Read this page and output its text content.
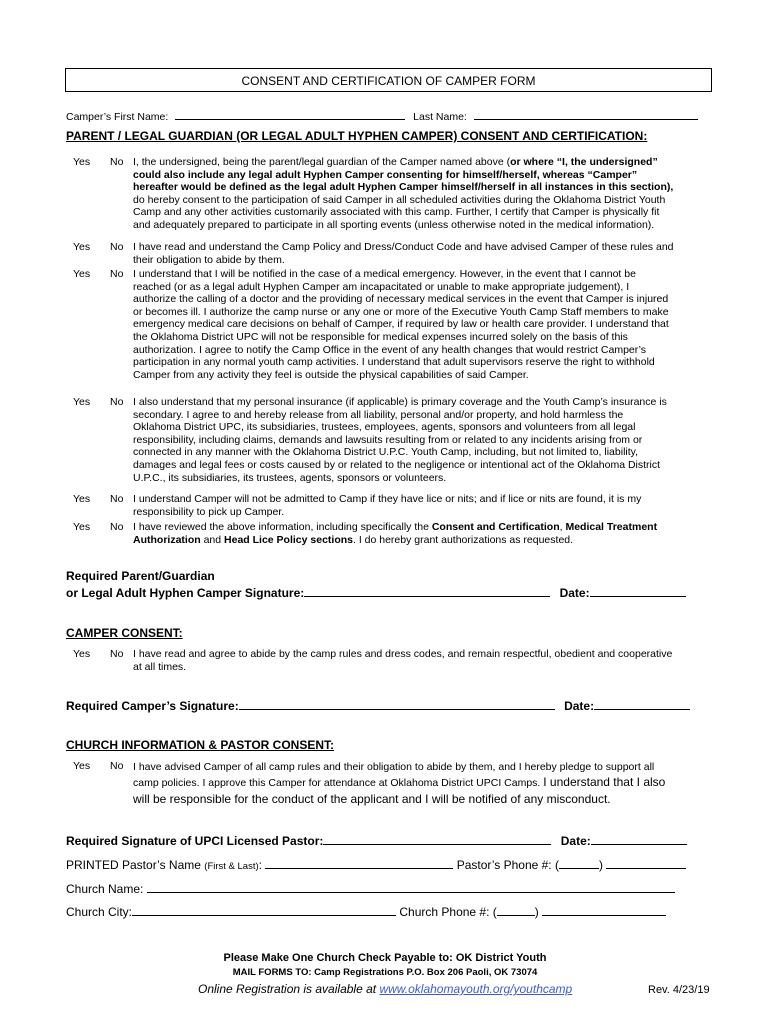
CONSENT AND CERTIFICATION OF CAMPER FORM
Camper’s First Name:	Last Name:
PARENT / LEGAL GUARDIAN (OR LEGAL ADULT HYPHEN CAMPER) CONSENT AND CERTIFICATION:
Yes No I, the undersigned, being the parent/legal guardian of the Camper named above (or where “I, the undersigned”
could also include any legal adult Hyphen Camper consenting for himself/herself, whereas “Camper”
hereafter would be defined as the legal adult Hyphen Camper himself/herself in all instances in this section),
do hereby consent to the participation of said Camper in all scheduled activities during the Oklahoma District Youth
Camp and any other activities customarily associated with this camp. Further, I certify that Camper is physically fit
and adequately prepared to participate in all sporting events (unless otherwise noted in the medical information).
Yes No I have read and understand the Camp Policy and Dress/Conduct Code and have advised Camper of these rules and
their obligation to abide by them.
Yes No I understand that I will be notified in the case of a medical emergency. However, in the event that I cannot be
reached (or as a legal adult Hyphen Camper am incapacitated or unable to make appropriate judgement), I
authorize the calling of a doctor and the providing of necessary medical services in the event that Camper is injured
or becomes ill. I authorize the camp nurse or any one or more of the Executive Youth Camp Staff members to make
emergency medical care decisions on behalf of Camper, if required by law or health care provider. I understand that
the Oklahoma District UPC will not be responsible for medical expenses incurred solely on the basis of this
authorization. I agree to notify the Camp Office in the event of any health changes that would restrict Camper’s
participation in any normal youth camp activities. I understand that adult supervisors reserve the right to withhold
Camper from any activity they feel is outside the physical capabilities of said Camper.
Yes No I also understand that my personal insurance (if applicable) is primary coverage and the Youth Camp’s insurance is
secondary. I agree to and hereby release from all liability, personal and/or property, and hold harmless the
Oklahoma District UPC, its subsidiaries, trustees, employees, agents, sponsors and volunteers from all legal
responsibility, including claims, demands and lawsuits resulting from or related to any incidents arising from or
connected in any manner with the Oklahoma District U.P.C. Youth Camp, including, but not limited to, liability,
damages and legal fees or costs caused by or related to the negligence or intentional act of the Oklahoma District
U.P.C., its subsidiaries, its trustees, agents, sponsors or volunteers.
Yes No I understand Camper will not be admitted to Camp if they have lice or nits; and if lice or nits are found, it is my
responsibility to pick up Camper.
Yes No I have reviewed the above information, including specifically the Consent and Certification, Medical Treatment
Authorization and Head Lice Policy sections. I do hereby grant authorizations as requested.
Required Parent/Guardian
or Legal Adult Hyphen Camper Signature:	Date:
CAMPER CONSENT:
Yes No I have read and agree to abide by the camp rules and dress codes, and remain respectful, obedient and cooperative
at all times.
Required Camper’s Signature:	Date:
CHURCH INFORMATION & PASTOR CONSENT:
Yes No I have advised Camper of all camp rules and their obligation to abide by them, and I hereby pledge to support all
camp policies. I approve this Camper for attendance at Oklahoma District UPCI Camps. I understand that I also
will be responsible for the conduct of the applicant and I will be notified of any misconduct.
Required Signature of UPCI Licensed Pastor:	Date:
PRINTED Pastor’s Name (First & Last):	Pastor’s Phone #: (	)
Church Name:
Church City:	Church Phone #: (	)
Please Make One Church Check Payable to: OK District Youth
MAIL FORMS TO: Camp Registrations P.O. Box 206 Paoli, OK 73074
Online Registration is available at www.oklahomayouth.org/youthcamp	Rev. 4/23/19
